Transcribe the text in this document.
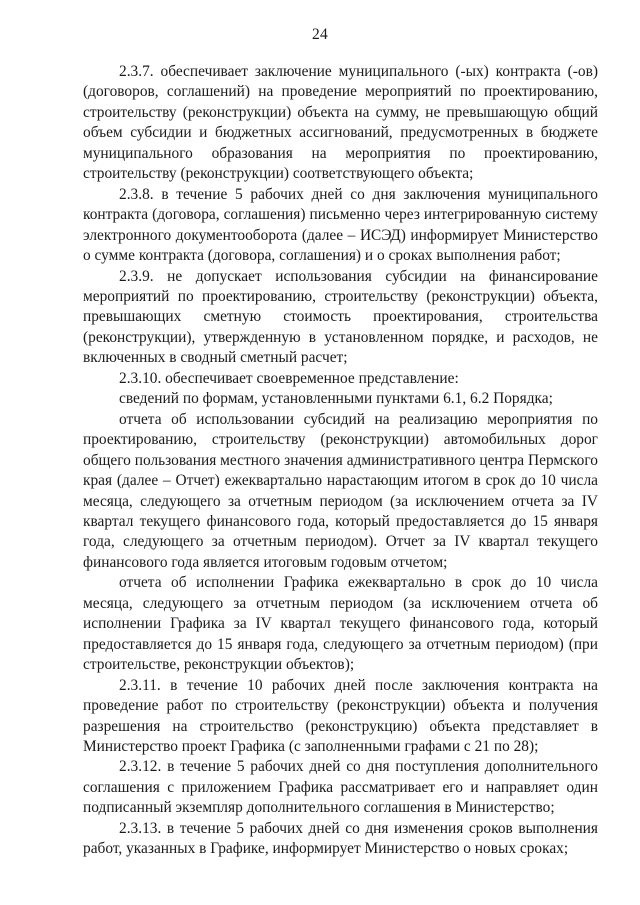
24

2.3.7. обеспечивает заключение муниципального (-ых) контракта (-ов) (договоров, соглашений) на проведение мероприятий по проектированию, строительству (реконструкции) объекта на сумму, не превышающую общий объем субсидии и бюджетных ассигнований, предусмотренных в бюджете муниципального образования на мероприятия по проектированию, строительству (реконструкции) соответствующего объекта;

2.3.8. в течение 5 рабочих дней со дня заключения муниципального контракта (договора, соглашения) письменно через интегрированную систему электронного документооборота (далее – ИСЭД) информирует Министерство о сумме контракта (договора, соглашения) и о сроках выполнения работ;

2.3.9. не допускает использования субсидии на финансирование мероприятий по проектированию, строительству (реконструкции) объекта, превышающих сметную стоимость проектирования, строительства (реконструкции), утвержденную в установленном порядке, и расходов, не включенных в сводный сметный расчет;

2.3.10. обеспечивает своевременное представление:

сведений по формам, установленными пунктами 6.1, 6.2 Порядка;

отчета об использовании субсидий на реализацию мероприятия по проектированию, строительству (реконструкции) автомобильных дорог общего пользования местного значения административного центра Пермского края (далее – Отчет) ежеквартально нарастающим итогом в срок до 10 числа месяца, следующего за отчетным периодом (за исключением отчета за IV квартал текущего финансового года, который предоставляется до 15 января года, следующего за отчетным периодом). Отчет за IV квартал текущего финансового года является итоговым годовым отчетом;

отчета об исполнении Графика ежеквартально в срок до 10 числа месяца, следующего за отчетным периодом (за исключением отчета об исполнении Графика за IV квартал текущего финансового года, который предоставляется до 15 января года, следующего за отчетным периодом) (при строительстве, реконструкции объектов);

2.3.11. в течение 10 рабочих дней после заключения контракта на проведение работ по строительству (реконструкции) объекта и получения разрешения на строительство (реконструкцию) объекта представляет в Министерство проект Графика (с заполненными графами с 21 по 28);

2.3.12. в течение 5 рабочих дней со дня поступления дополнительного соглашения с приложением Графика рассматривает его и направляет один подписанный экземпляр дополнительного соглашения в Министерство;

2.3.13. в течение 5 рабочих дней со дня изменения сроков выполнения работ, указанных в Графике, информирует Министерство о новых сроках;
